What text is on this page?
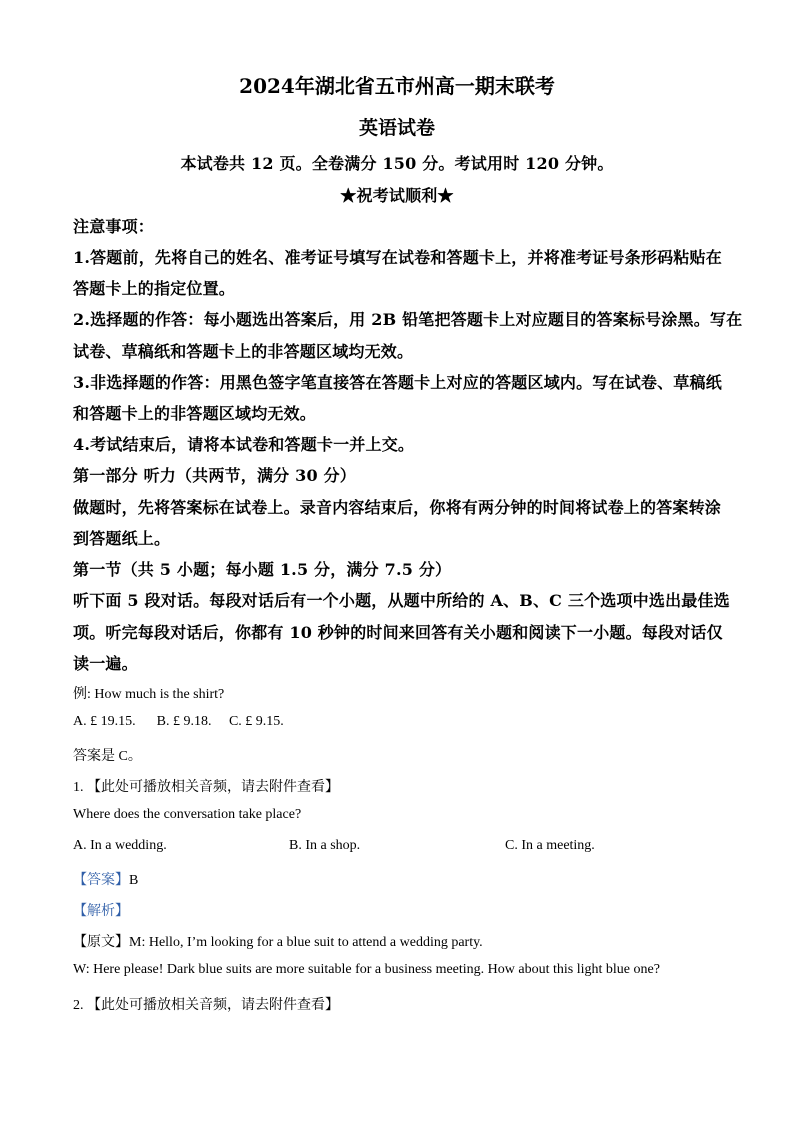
2024年湖北省五市州高一期末联考

英语试卷

本试卷共 12 页。全卷满分 150 分。考试用时 120 分钟。

★祝考试顺利★

注意事项：

1.答题前，先将自己的姓名、准考证号填写在试卷和答题卡上，并将准考证号条形码粘贴在

答题卡上的指定位置。

2.选择题的作答：每小题选出答案后，用 2B 铅笔把答题卡上对应题目的答案标号涂黑。写在

试卷、草稿纸和答题卡上的非答题区域均无效。

3.非选择题的作答：用黑色签字笔直接答在答题卡上对应的答题区域内。写在试卷、草稿纸

和答题卡上的非答题区域均无效。

4.考试结束后，请将本试卷和答题卡一并上交。

第一部分 听力（共两节，满分 30 分）

做题时，先将答案标在试卷上。录音内容结束后，你将有两分钟的时间将试卷上的答案转涂

到答题纸上。

第一节（共 5 小题；每小题 1.5 分，满分 7.5 分）

听下面 5 段对话。每段对话后有一个小题，从题中所给的 A、B、C 三个选项中选出最佳选

项。听完每段对话后，你都有 10 秒钟的时间来回答有关小题和阅读下一小题。每段对话仅

读一遍。

例: How much is the shirt?

A. £ 19.15.      B. £ 9.18.     C. £ 9.15.

答案是 C。

1. 【此处可播放相关音频，请去附件查看】

Where does the conversation take place?

A. In a wedding.	B. In a shop.	C. In a meeting.

【答案】B

【解析】

【原文】M: Hello, I’m looking for a blue suit to attend a wedding party.

W: Here please! Dark blue suits are more suitable for a business meeting. How about this light blue one?

2. 【此处可播放相关音频，请去附件查看】
